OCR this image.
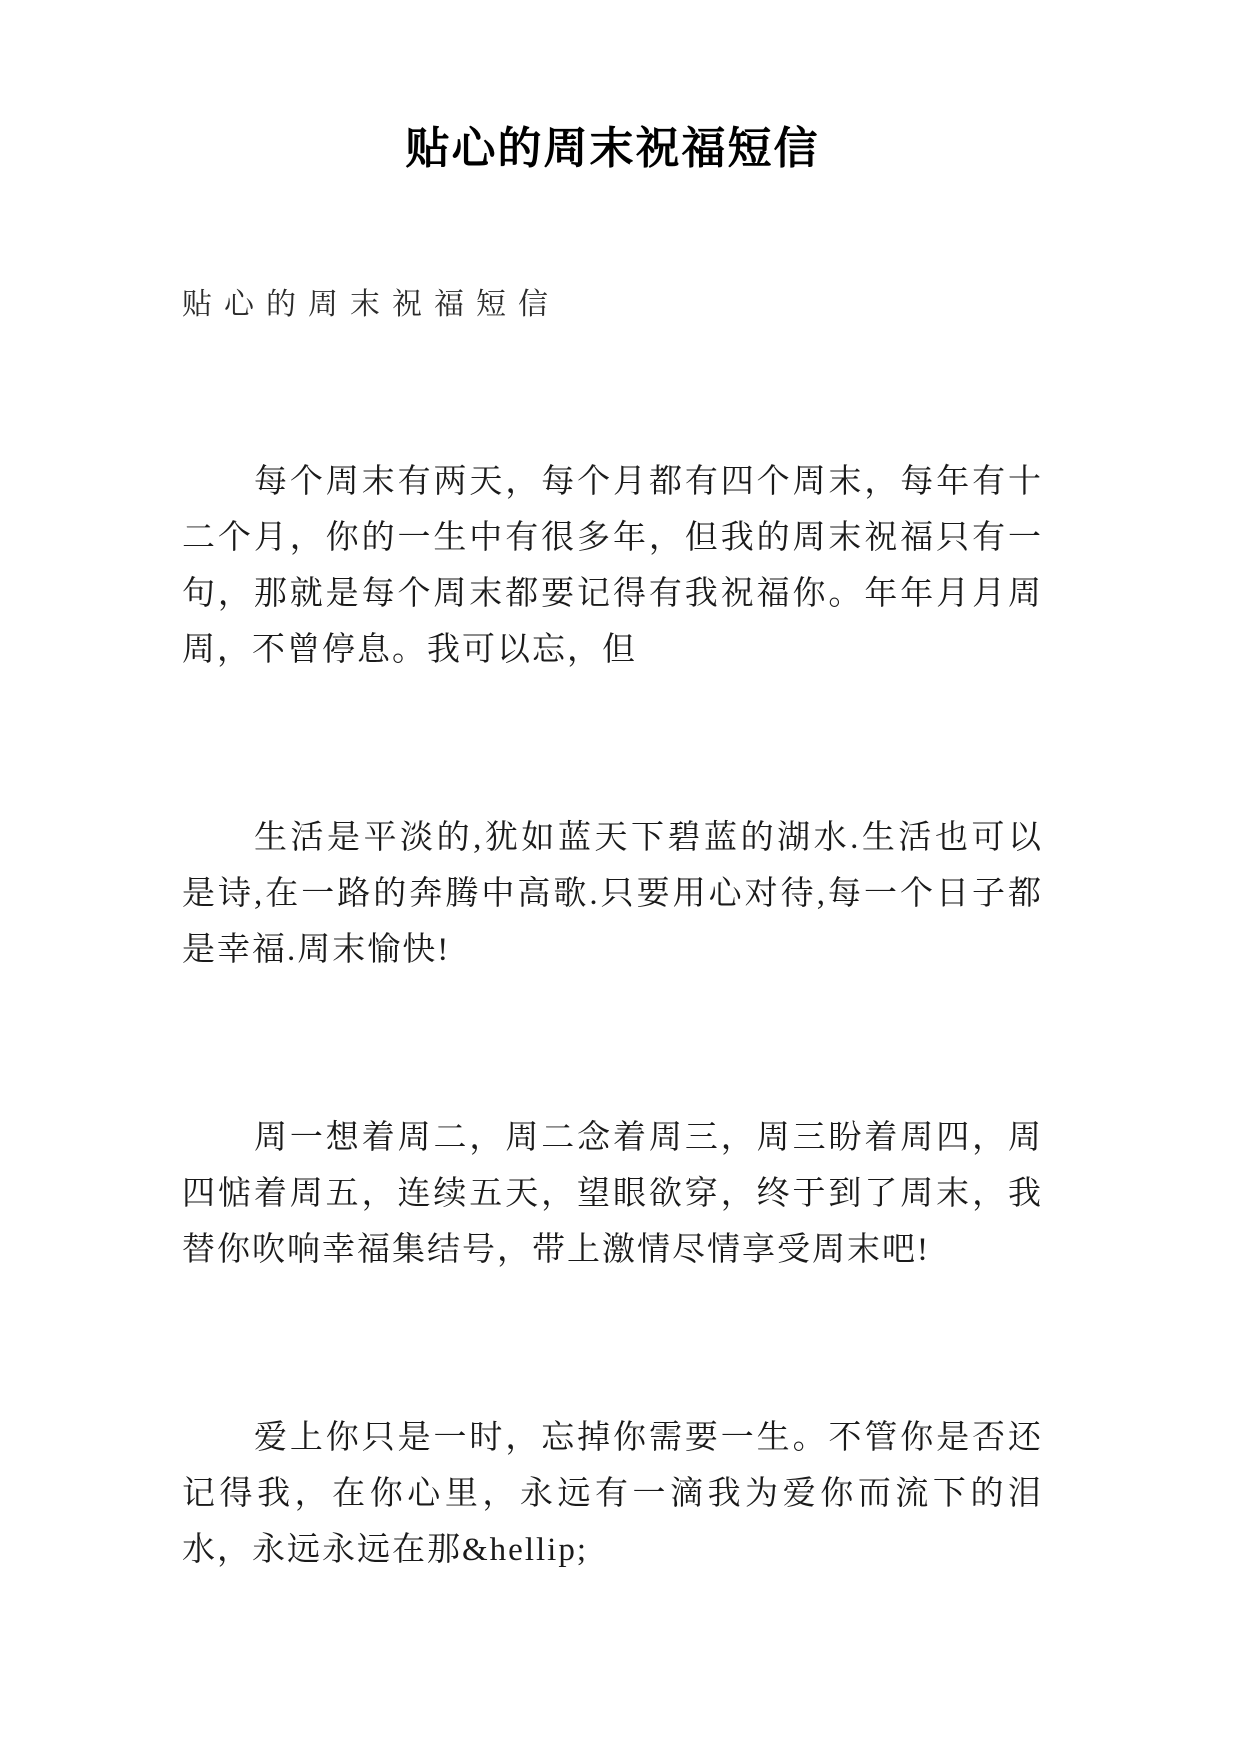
贴心的周末祝福短信
贴心的周末祝福短信

每个周末有两天，每个月都有四个周末，每年有十二个月，你的一生中有很多年，但我的周末祝福只有一句，那就是每个周末都要记得有我祝福你。年年月月周周，不曾停息。我可以忘，但

生活是平淡的,犹如蓝天下碧蓝的湖水.生活也可以是诗,在一路的奔腾中高歌.只要用心对待,每一个日子都是幸福.周末愉快!

周一想着周二，周二念着周三，周三盼着周四，周四惦着周五，连续五天，望眼欲穿，终于到了周末，我替你吹响幸福集结号，带上激情尽情享受周末吧!

爱上你只是一时，忘掉你需要一生。不管你是否还记得我，在你心里，永远有一滴我为爱你而流下的泪水，永远永远在那&hellip;
